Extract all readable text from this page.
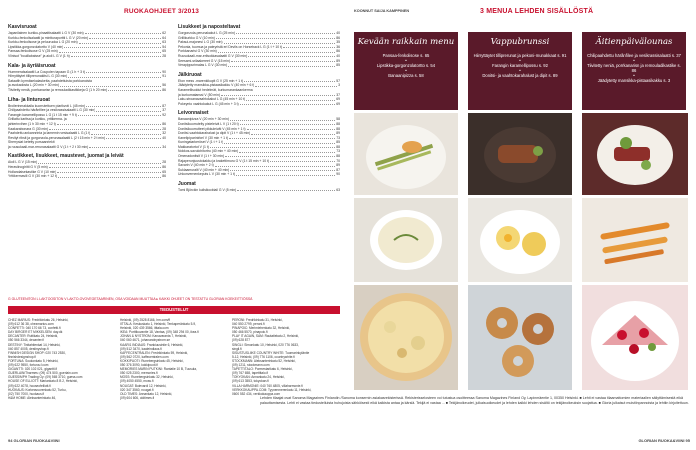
RUOKAOHJEET 3/2013
Kasvisruoat
Japanilainen kurkku-pinaattisalaatti L G V (30 min)	62
Kurkku-fenkolisalaatti ja mintturaporitti L G V (20 min)	64
Kurkku-fenkolisose ja peluuruoka L G (20 min)	63
Lipstikka-gorgonzolatortto V (40 min)	54
Pansaa-fenkolisose G V (25 min)	65
Viinisut "bouillabaisse" ja aioli L G V (1 h)	28
Kala- ja äyriäisruoat
Hummeralsalaatti La Coupolen tapaan G (1 h + 3 t)	90
Hiirryttäytet tilliprerunakitsi L G (30 min)	91
Sataaith kyrmäsekalasketta, paahdettuista porkkanoista
ja avokadosta L (20 min + 30 min)	56
Tiivitetty neniä, porrkanarisn ja remouladikastikkeja G (1 h 20 min)	86
Liha- ja linturuoat
Broilerinmakkaila kuorrutettuen piarikvoti L (45 min)	87
Chilipaahdettu härånfilee ja vesikrassisalaatti L G (30 min)	37
Farangin karamellipossu L G (1 t 15 min + 9 t)	92
Grillattu karitsa ja kurkku, yrttikerma- ja
jahterinvihen (1 h 30 min + 12 t)	86
Kaakarabonara G (30 min)	28
Paahdettu ankannrinta ja lamemin vesisalaatti L G (1 t)	32
Revityt ribsit ja gorgonzola-perunasalaatti L (2 t 15 min + 2 t min)	40
Sherrysiat ketetty porsaanriekit
ja ruusukaali-mar-rerunasalaatti G V (1 t + 2 t 30 min)	34
Kastikkeet, lisukkeet, maustevet, juomat ja leivät
Aioli L G V (15 min)	28
Heraviinogiritti G V (5 min)	86
Hollandaisekastike G V (10 min)	65
Yrttikermavili G V (30 min + 12 t)	86
Lisukkeet ja naposteltavat
Gorgonzola-perunakakut L G (25 min)	40
Grillikurkku G V (10 min)	86
Paksui-majonesi L G (30 min)	35
Pekonia, tuumua ja pateyristä eri Devils on Horseback L G (1 t + 10 t)	36
Porkkanarisi G V (30 min)	86
Ruusukaali-mar-erlisokkasalaatti G V (30 min)	40
Seesami-srilaakereet G V (15 min)	89
Verapippurimalas L G V (30 min)	85
Jälkiruoat
Eton mess -marenkikupit G V (25 min + 1 t)	57
Jäädytetty mansikka-pistaasikakku V (40 min + 6 t)	3
Karamellisoidut hedelmät, kurkumarankaankerma
ja kurkumatanssi V (50 min)	37
Laku-stroanavaahtokakut L G (45 min + 10 t)	69
Pokeynto vaahtokakut L G (45 min + 3 t)	69
Leivonnaiset
Banaanipizza V (20 min + 30 min)	58
Donitsikuorrutelty pisteleivä L V (1 t 20 t)	88
Donitsikuorrutteet pikkuleivät V (45 min + 1 t)	88
Donitsi-vaahtokarahalust ja dipit V (1 t + 45 min)	89
Kanelipiparinirkel V (30 min + 1 t)	73
Kuningatarkeröset V (1 t + 1 t)	85
Makkaratortut V (1 t)	88
Nokkos-savulohitortru (40 min + 40 min)	73
Omenadonitsit V (1 t + 30 min)	88
Rajaperunjuustokakku ja krakettimuru G V (1 t 15 min + 10 t)	70
Savarin V (40 min + 2 t)	89
Suklaamuralit V (40 min + 40 min)	87
Unkonvernenkeputs L V (30 min + 1 t)	90
Juomat
Tomi Björckin kuilsikocktail G V (5 min)	63
G GLUTEENITON L LAKTOOSITON V LAKTO-OVOVEGETAARINEN, OSA VOIDAAN MUUTTAA ▸ KAIKKI OHJEET ON TESTATTU GLORIAN KOEKEITTIÖSSÄ
TIEDUSTELUT
CHEZ MARIUS: Fredrikinkatu 26, Helsinki,
(09) 612 36 38, chezmarius.com
CONFETTI: 040 170 66 73, confetti.fi
DAY BIRGER ET MIKKELSEN: day.dk
DECANTER: Ruttikatu 24, Helsinki,
050 566 3344, decanter.fi
DESTINY: Tinitahtienkat 14, Helsinki,
040 857 4005, destinyshop.fi
FINNISH DESIGN SHOP: 020 743 2530,
finnishdesignshop.fi
FORTUNA: Soukonkatu 5, Helsinki,
(09) 622 9550, fortuna-f.com
GIGANTTI: 020 102 021, gigantti.fi
GUERLAIN/Tharmes: (09) 474 500, guerlain.com
GUESS/MPH Trading Oy: (09) 565 3710, guess.com
HOUSE OF ELLIOTT: Mariankatu 8 B 2, Helsinki,
(09) 622 4078, houseofelliott.fi
HUOKAUS: Korkeavuorenkatu 52, Turku,
(02) 750 7000, huokaus.fi
H&M HOME: Aleksanterinkatu 46,
Helsinki, (09) 2528 8166, hm.com/fi
IITTALA: Keskuskatu 1, Helsinki, Tenkaperänkatu 5-9,
Helsinki, 020 439 3566, iittala.com
IKEA: Porttikuvantie 18, Vantaa, (09) 348 294 00, ikea.fi
JOHAN & NYSTROM: Kanavaranta 7, Helsinki,
040 060 4671, johanandnystrom.se
KAARI1 INDIAUS: Frankiuusintie 6, Helsinki,
(09) 512 3470, kaaleindiaus.fi
KAFFECENTRALEN: Fredrikinkatu 59, Helsinki,
(09) 562 0720, kaffecentralen.com
KOKKIPUOTI: Runebergsinkatu 45, Helsinki,
050 376 3090, kokkipuoti.fi
MEMORIES MARIN PUTKINI: Rantatie 10 B, Tuusula,
050 025 2300, memories.fi
MOSS: Runebergsinkatu 32, Helsinki,
(09) 4050 4550, moss.fi
NOUGAT: Bulevardi 12, Helsinki,
020 347 3560, nougat.fi
OLD TIMES: Annankatu 12, Helsinki,
(09) 604 606, oldtimes.fi
PERONI: Fredrikinkatu 31, Helsinki,
040 550 2799, peroni.fi
PINAPOIC: Merimiehenkatu 32, Helsinki,
050 466 5570, pinapoic.fi
PLAY IT AGAIN, SAM: Rautatiekatu 2, Helsinki,
(09) 628 877
SINGLI: Simonkatu 10, Helsinki, 020 776 0633,
singli.fi
SISUSTUSLIIKE COUNTRY WHITE: Tuomarinkyläntie
5-12, Helsinki, (09) 776 1106, countrywhite.fi
STOCKMANN: Aleksanterinkatu 52, Helsinki,
(09) 1211, stockmann.com
TAPETTITALO: Pormestarikatu 6, Helsinki,
(09) 767 658, tapettitalo.fi
TOKYOKAN: Annankatu 24, Helsinki,
(09) 613 3553, tokyokan.fi
VILLA HARMONIE: 040 760 4805, villaharmonie.fi
VERKKOKAUPPA.COM: Tyynenmerenkatu 11, Helsinki,
0600 552 434, verkkokauppa.com
94 GLORIAN RUOKA&VIINI
KOONNUT SAIJA KAMPPINEN	3 MENUA LEHDEN SISÄLLÖSTÄ
Kevään raikkain menu
Pansaa-fenkolisose s. 65
•
Lipstikka-gorgonzolatortto s. 54
•
Banaanipizza s. 58
Vappubrunssi
Hiirryttäytet tilliprerunat ja pekoni-munakkaat s. 91
•
Farangin karamellipossu s. 92
•
Donitsi- ja vaahtokarahalust ja dipit s. 89
Äitienpäivälounas
Chilipaahdettu härånfilee ja vesikrassisalaatti s. 37
•
Tiivitetty neniä, porrkanarisn ja remouladikastike s. 86
•
Jäädytetty mansikka-pistaasikakku s. 3
Lehden tilaajat ovat Sanoma Magazines Finlandin /Sanoma konsernin asiakasrekisterissä. Rekisterisselosteen voi tutustua osoitteessa Sanoma Magazines Finland Oy, Lapinmäentie 1, 00350 Helsinki. ■ Lehti ei vastaa tilaamattomien materiaalien säilyttämisestä eikä palauttamisesta. Lehti ei vastaa tiedustelluista huhujoista sähköisesti eikä kaikista antaa ja kärsiä. Tekijä ei vastaa ... ■ Tekijänoikeudet, julkaisuoikeudet ja lehden kaikki lehden sisältö on tekijänoikeuksin suojattua. ■ Gloria julkaisut muistiinpannoista ja lehtiin kirjoitettuun.
GLORIAN RUOKA&VIINI 95
